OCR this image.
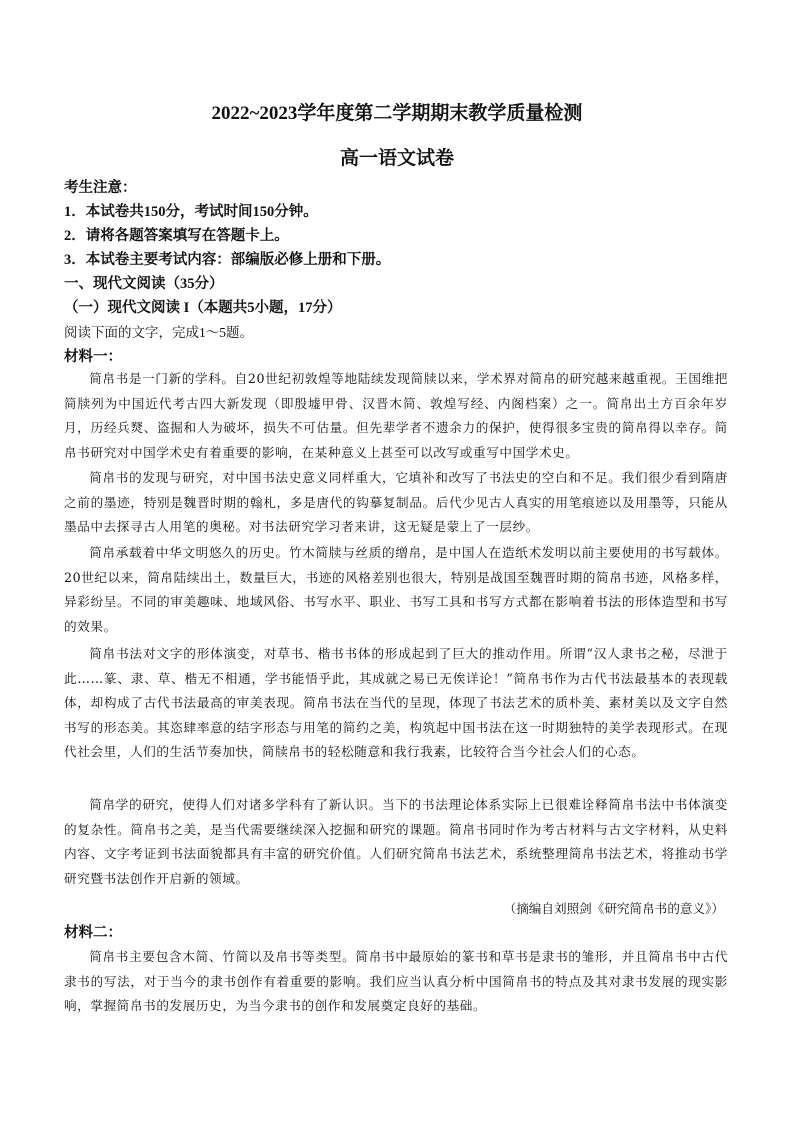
2022~2023学年度第二学期期末教学质量检测
高一语文试卷
考生注意：
1．本试卷共150分，考试时间150分钟。
2．请将各题答案填写在答题卡上。
3．本试卷主要考试内容：部编版必修上册和下册。
一、现代文阅读（35分）
（一）现代文阅读 I（本题共5小题，17分）
阅读下面的文字，完成1～5题。
材料一：

简帛书是一门新的学科。自20世纪初敦煌等地陆续发现简牍以来，学术界对简帛的研究越来越重视。王国维把简牍列为中国近代考古四大新发现（即殷墟甲骨、汉晋木简、敦煌写经、内阁档案）之一。简帛出土方百余年岁月，历经兵燹、盗掘和人为破坏，损失不可估量。但先辈学者不遗余力的保护，使得很多宝贵的简帛得以幸存。简帛书研究对中国学术史有着重要的影响，在某种意义上甚至可以改写或重写中国学术史。

简帛书的发现与研究，对中国书法史意义同样重大，它填补和改写了书法史的空白和不足。我们很少看到隋唐之前的墨迹，特别是魏晋时期的翰札，多是唐代的钩摹复制品。后代少见古人真实的用笔痕迹以及用墨等，只能从墨品中去探寻古人用笔的奥秘。对书法研究学习者来讲，这无疑是蒙上了一层纱。

简帛承载着中华文明悠久的历史。竹木简牍与丝质的缯帛，是中国人在造纸术发明以前主要使用的书写载体。20世纪以来，简帛陆续出土，数量巨大，书迹的风格差别也很大，特别是战国至魏晋时期的简帛书迹，风格多样，异彩纷呈。不同的审美趣味、地域风俗、书写水平、职业、书写工具和书写方式都在影响着书法的形体造型和书写的效果。

简帛书法对文字的形体演变，对草书、楷书书体的形成起到了巨大的推动作用。所谓“汉人隶书之秘，尽泄于此……篆、隶、草、楷无不相通，学书能悟乎此，其成就之易已无俟详论！”简帛书作为古代书法最基本的表现载体，却构成了古代书法最高的审美表现。简帛书法在当代的呈现，体现了书法艺术的质朴美、素材美以及文字自然书写的形态美。其恣肆率意的结字形态与用笔的简约之美，构筑起中国书法在这一时期独特的美学表现形式。在现代社会里，人们的生活节奏加快，简牍帛书的轻松随意和我行我素，比较符合当今社会人们的心态。

简帛学的研究，使得人们对诸多学科有了新认识。当下的书法理论体系实际上已很难诠释简帛书法中书体演变的复杂性。简帛书之美，是当代需要继续深入挖掘和研究的课题。简帛书同时作为考古材料与古文字材料，从史料内容、文字考证到书法面貌都具有丰富的研究价值。人们研究简帛书法艺术，系统整理简帛书法艺术，将推动书学研究暨书法创作开启新的领域。

（摘编自刘照剑《研究简帛书的意义》）
材料二：

简帛书主要包含木简、竹简以及帛书等类型。简帛书中最原始的篆书和草书是隶书的雏形，并且简帛书中古代隶书的写法，对于当今的隶书创作有着重要的影响。我们应当认真分析中国简帛书的特点及其对隶书发展的现实影响，掌握简帛书的发展历史，为当今隶书的创作和发展奠定良好的基础。
